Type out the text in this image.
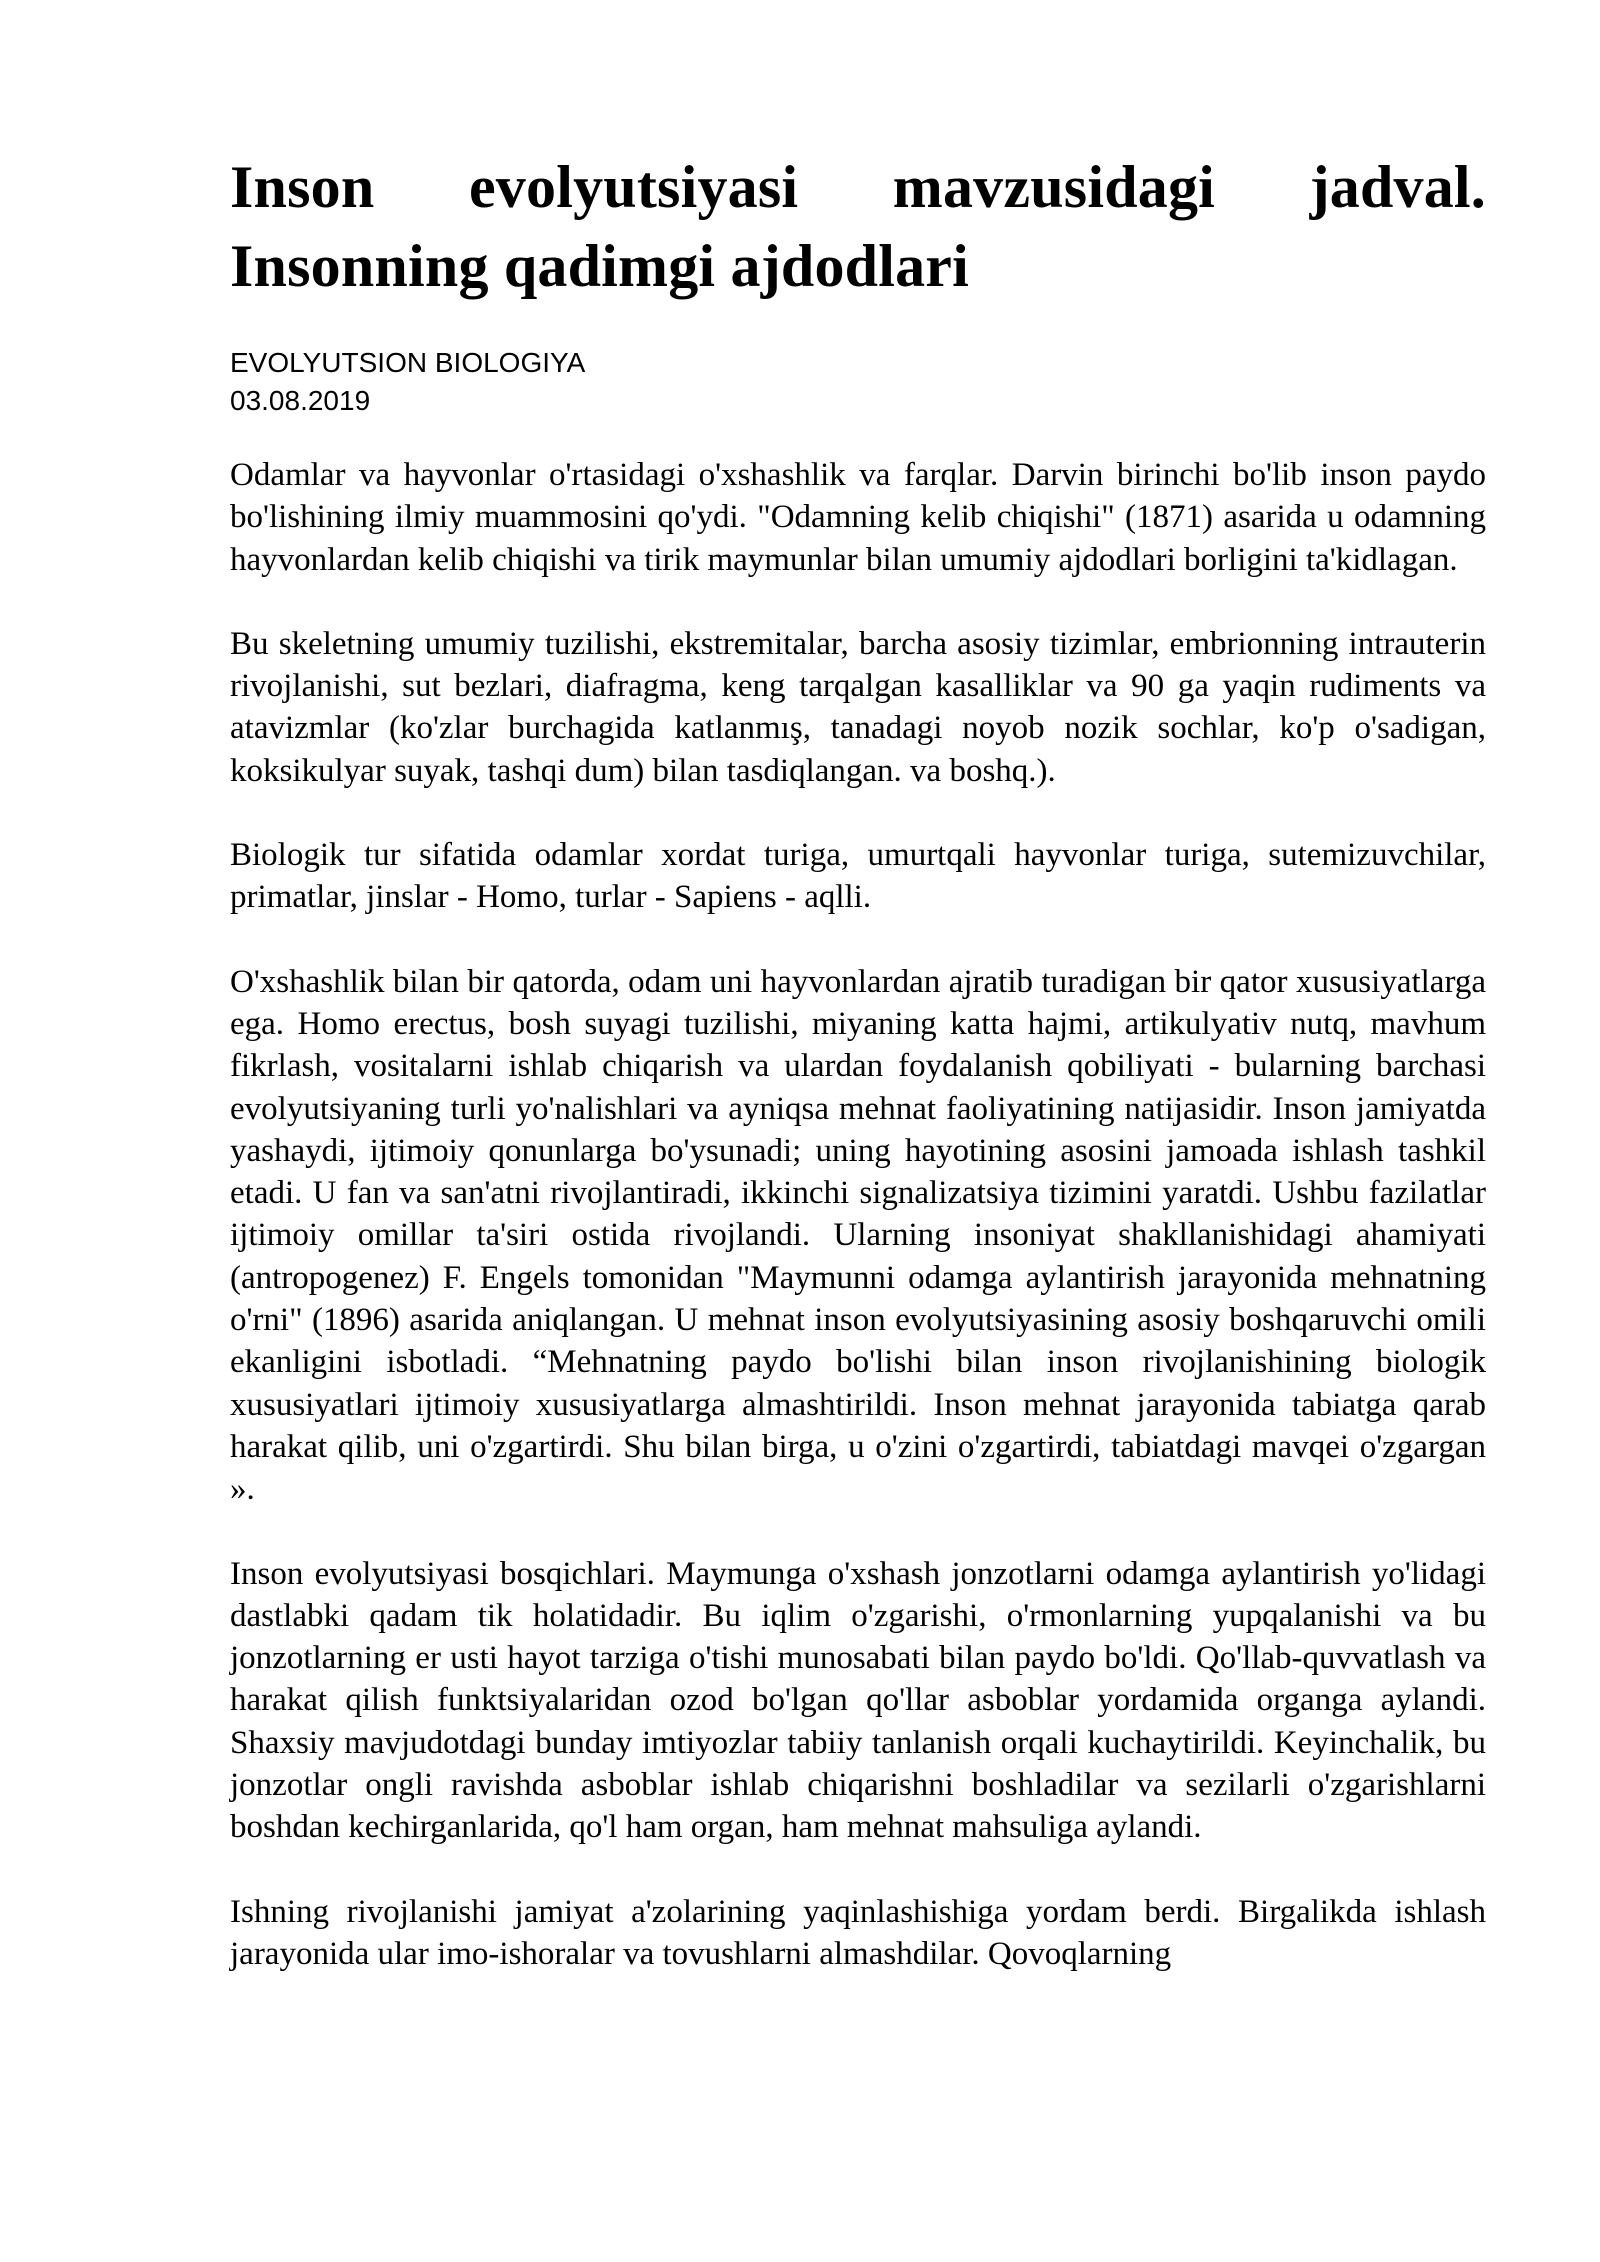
Inson evolyutsiyasi mavzusidagi jadval. Insonning qadimgi ajdodlari
EVOLYUTSION BIOLOGIYA
03.08.2019

Odamlar va hayvonlar o'rtasidagi o'xshashlik va farqlar. Darvin birinchi bo'lib inson paydo bo'lishining ilmiy muammosini qo'ydi. "Odamning kelib chiqishi" (1871) asarida u odamning hayvonlardan kelib chiqishi va tirik maymunlar bilan umumiy ajdodlari borligini ta'kidlagan.

Bu skeletning umumiy tuzilishi, ekstremitalar, barcha asosiy tizimlar, embrionning intrauterin rivojlanishi, sut bezlari, diafragma, keng tarqalgan kasalliklar va 90 ga yaqin rudiments va atavizmlar (ko'zlar burchagida katlanmış, tanadagi noyob nozik sochlar, ko'p o'sadigan, koksikulyar suyak, tashqi dum) bilan tasdiqlangan. va boshq.).

Biologik tur sifatida odamlar xordat turiga, umurtqali hayvonlar turiga, sutemizuvchilar, primatlar, jinslar - Homo, turlar - Sapiens - aqlli.

O'xshashlik bilan bir qatorda, odam uni hayvonlardan ajratib turadigan bir qator xususiyatlarga ega. Homo erectus, bosh suyagi tuzilishi, miyaning katta hajmi, artikulyativ nutq, mavhum fikrlash, vositalarni ishlab chiqarish va ulardan foydalanish qobiliyati - bularning barchasi evolyutsiyaning turli yo'nalishlari va ayniqsa mehnat faoliyatining natijasidir. Inson jamiyatda yashaydi, ijtimoiy qonunlarga bo'ysunadi; uning hayotining asosini jamoada ishlash tashkil etadi. U fan va san'atni rivojlantiradi, ikkinchi signalizatsiya tizimini yaratdi. Ushbu fazilatlar ijtimoiy omillar ta'siri ostida rivojlandi. Ularning insoniyat shakllanishidagi ahamiyati (antropogenez) F. Engels tomonidan "Maymunni odamga aylantirish jarayonida mehnatning o'rni" (1896) asarida aniqlangan. U mehnat inson evolyutsiyasining asosiy boshqaruvchi omili ekanligini isbotladi. “Mehnatning paydo bo'lishi bilan inson rivojlanishining biologik xususiyatlari ijtimoiy xususiyatlarga almashtirildi. Inson mehnat jarayonida tabiatga qarab harakat qilib, uni o'zgartirdi. Shu bilan birga, u o'zini o'zgartirdi, tabiatdagi mavqei o'zgargan ».

Inson evolyutsiyasi bosqichlari. Maymunga o'xshash jonzotlarni odamga aylantirish yo'lidagi dastlabki qadam tik holatidadir. Bu iqlim o'zgarishi, o'rmonlarning yupqalanishi va bu jonzotlarning er usti hayot tarziga o'tishi munosabati bilan paydo bo'ldi. Qo'llab-quvvatlash va harakat qilish funktsiyalaridan ozod bo'lgan qo'llar asboblar yordamida organga aylandi. Shaxsiy mavjudotdagi bunday imtiyozlar tabiiy tanlanish orqali kuchaytirildi. Keyinchalik, bu jonzotlar ongli ravishda asboblar ishlab chiqarishni boshladilar va sezilarli o'zgarishlarni boshdan kechirganlarida, qo'l ham organ, ham mehnat mahsuliga aylandi.

Ishning rivojlanishi jamiyat a'zolarining yaqinlashishiga yordam berdi. Birgalikda ishlash jarayonida ular imo-ishoralar va tovushlarni almashdilar. Qovoqlarning
